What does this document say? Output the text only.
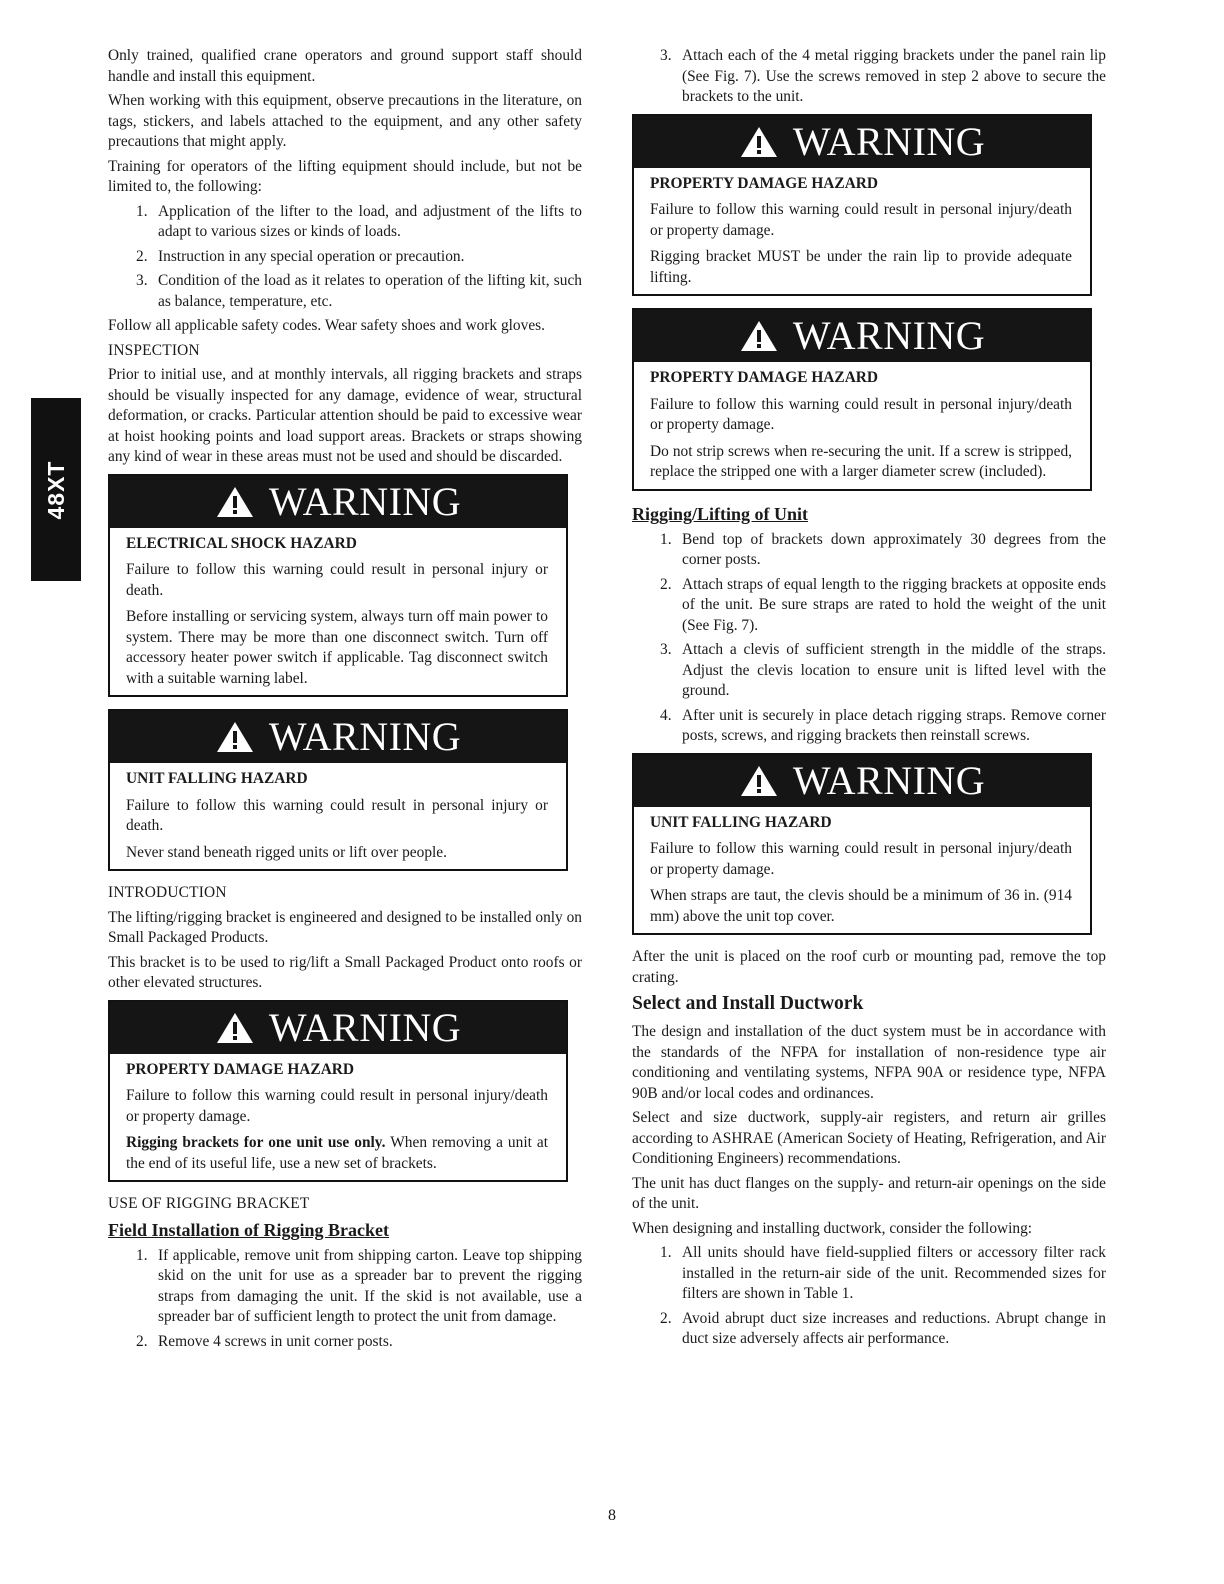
48XT

Only trained, qualified crane operators and ground support staff should handle and install this equipment.

When working with this equipment, observe precautions in the literature, on tags, stickers, and labels attached to the equipment, and any other safety precautions that might apply.

Training for operators of the lifting equipment should include, but not be limited to, the following:

1. Application of the lifter to the load, and adjustment of the lifts to adapt to various sizes or kinds of loads.
2. Instruction in any special operation or precaution.
3. Condition of the load as it relates to operation of the lifting kit, such as balance, temperature, etc.

Follow all applicable safety codes. Wear safety shoes and work gloves.

INSPECTION

Prior to initial use, and at monthly intervals, all rigging brackets and straps should be visually inspected for any damage, evidence of wear, structural deformation, or cracks. Particular attention should be paid to excessive wear at hoist hooking points and load support areas. Brackets or straps showing any kind of wear in these areas must not be used and should be discarded.

WARNING
ELECTRICAL SHOCK HAZARD

Failure to follow this warning could result in personal injury or death.

Before installing or servicing system, always turn off main power to system. There may be more than one disconnect switch. Turn off accessory heater power switch if applicable. Tag disconnect switch with a suitable warning label.

WARNING
UNIT FALLING HAZARD

Failure to follow this warning could result in personal injury or death.

Never stand beneath rigged units or lift over people.

INTRODUCTION

The lifting/rigging bracket is engineered and designed to be installed only on Small Packaged Products.

This bracket is to be used to rig/lift a Small Packaged Product onto roofs or other elevated structures.

WARNING
PROPERTY DAMAGE HAZARD

Failure to follow this warning could result in personal injury/death or property damage.

Rigging brackets for one unit use only. When removing a unit at the end of its useful life, use a new set of brackets.

USE OF RIGGING BRACKET
Field Installation of Rigging Bracket
1. If applicable, remove unit from shipping carton. Leave top shipping skid on the unit for use as a spreader bar to prevent the rigging straps from damaging the unit. If the skid is not available, use a spreader bar of sufficient length to protect the unit from damage.
2. Remove 4 screws in unit corner posts.
3. Attach each of the 4 metal rigging brackets under the panel rain lip (See Fig. 7). Use the screws removed in step 2 above to secure the brackets to the unit.
WARNING
PROPERTY DAMAGE HAZARD

Failure to follow this warning could result in personal injury/death or property damage.

Rigging bracket MUST be under the rain lip to provide adequate lifting.

WARNING
PROPERTY DAMAGE HAZARD

Failure to follow this warning could result in personal injury/death or property damage.

Do not strip screws when re-securing the unit. If a screw is stripped, replace the stripped one with a larger diameter screw (included).

Rigging/Lifting of Unit
1. Bend top of brackets down approximately 30 degrees from the corner posts.
2. Attach straps of equal length to the rigging brackets at opposite ends of the unit. Be sure straps are rated to hold the weight of the unit (See Fig. 7).
3. Attach a clevis of sufficient strength in the middle of the straps. Adjust the clevis location to ensure unit is lifted level with the ground.
4. After unit is securely in place detach rigging straps. Remove corner posts, screws, and rigging brackets then reinstall screws.
WARNING
UNIT FALLING HAZARD

Failure to follow this warning could result in personal injury/death or property damage.

When straps are taut, the clevis should be a minimum of 36 in. (914 mm) above the unit top cover.

After the unit is placed on the roof curb or mounting pad, remove the top crating.

Select and Install Ductwork

The design and installation of the duct system must be in accordance with the standards of the NFPA for installation of non-residence type air conditioning and ventilating systems, NFPA 90A or residence type, NFPA 90B and/or local codes and ordinances.

Select and size ductwork, supply-air registers, and return air grilles according to ASHRAE (American Society of Heating, Refrigeration, and Air Conditioning Engineers) recommendations.

The unit has duct flanges on the supply- and return-air openings on the side of the unit.

When designing and installing ductwork, consider the following:

1. All units should have field-supplied filters or accessory filter rack installed in the return-air side of the unit. Recommended sizes for filters are shown in Table 1.
2. Avoid abrupt duct size increases and reductions. Abrupt change in duct size adversely affects air performance.
8
